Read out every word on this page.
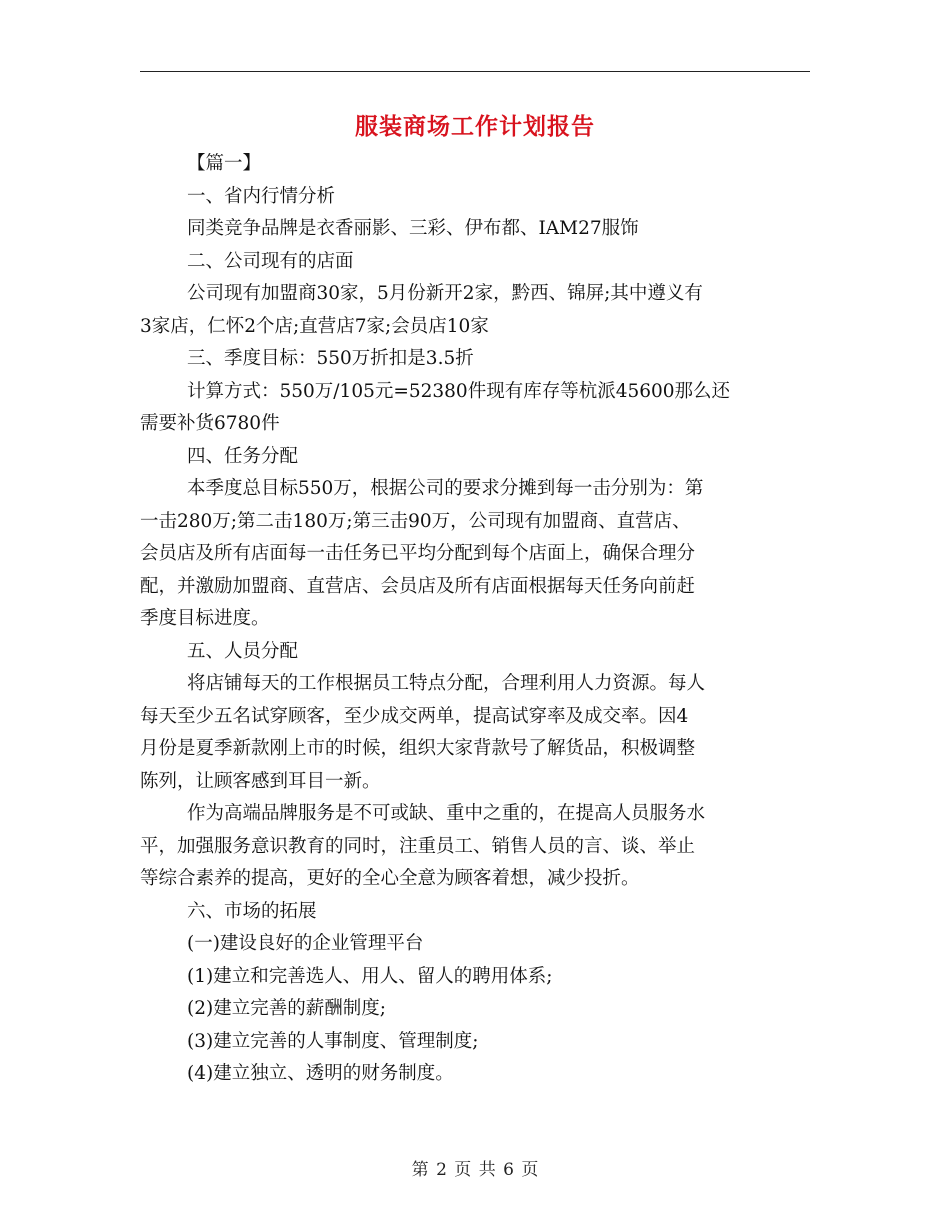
服装商场工作计划报告
【篇一】
一、省内行情分析
同类竞争品牌是衣香丽影、三彩、伊布都、IAM27服饰
二、公司现有的店面
公司现有加盟商30家，5月份新开2家，黔西、锦屏;其中遵义有
3家店，仁怀2个店;直营店7家;会员店10家
三、季度目标：550万折扣是3.5折
计算方式：550万/105元=52380件现有库存等杭派45600那么还
需要补货6780件
四、任务分配
本季度总目标550万，根据公司的要求分摊到每一击分别为：第
一击280万;第二击180万;第三击90万，公司现有加盟商、直营店、
会员店及所有店面每一击任务已平均分配到每个店面上，确保合理分
配，并激励加盟商、直营店、会员店及所有店面根据每天任务向前赶
季度目标进度。
五、人员分配
将店铺每天的工作根据员工特点分配，合理利用人力资源。每人
每天至少五名试穿顾客，至少成交两单，提高试穿率及成交率。因4
月份是夏季新款刚上市的时候，组织大家背款号了解货品，积极调整
陈列，让顾客感到耳目一新。
作为高端品牌服务是不可或缺、重中之重的，在提高人员服务水
平，加强服务意识教育的同时，注重员工、销售人员的言、谈、举止
等综合素养的提高，更好的全心全意为顾客着想，减少投折。
六、市场的拓展
(一)建设良好的企业管理平台
(1)建立和完善选人、用人、留人的聘用体系;
(2)建立完善的薪酬制度;
(3)建立完善的人事制度、管理制度;
(4)建立独立、透明的财务制度。
第 2 页 共 6 页
